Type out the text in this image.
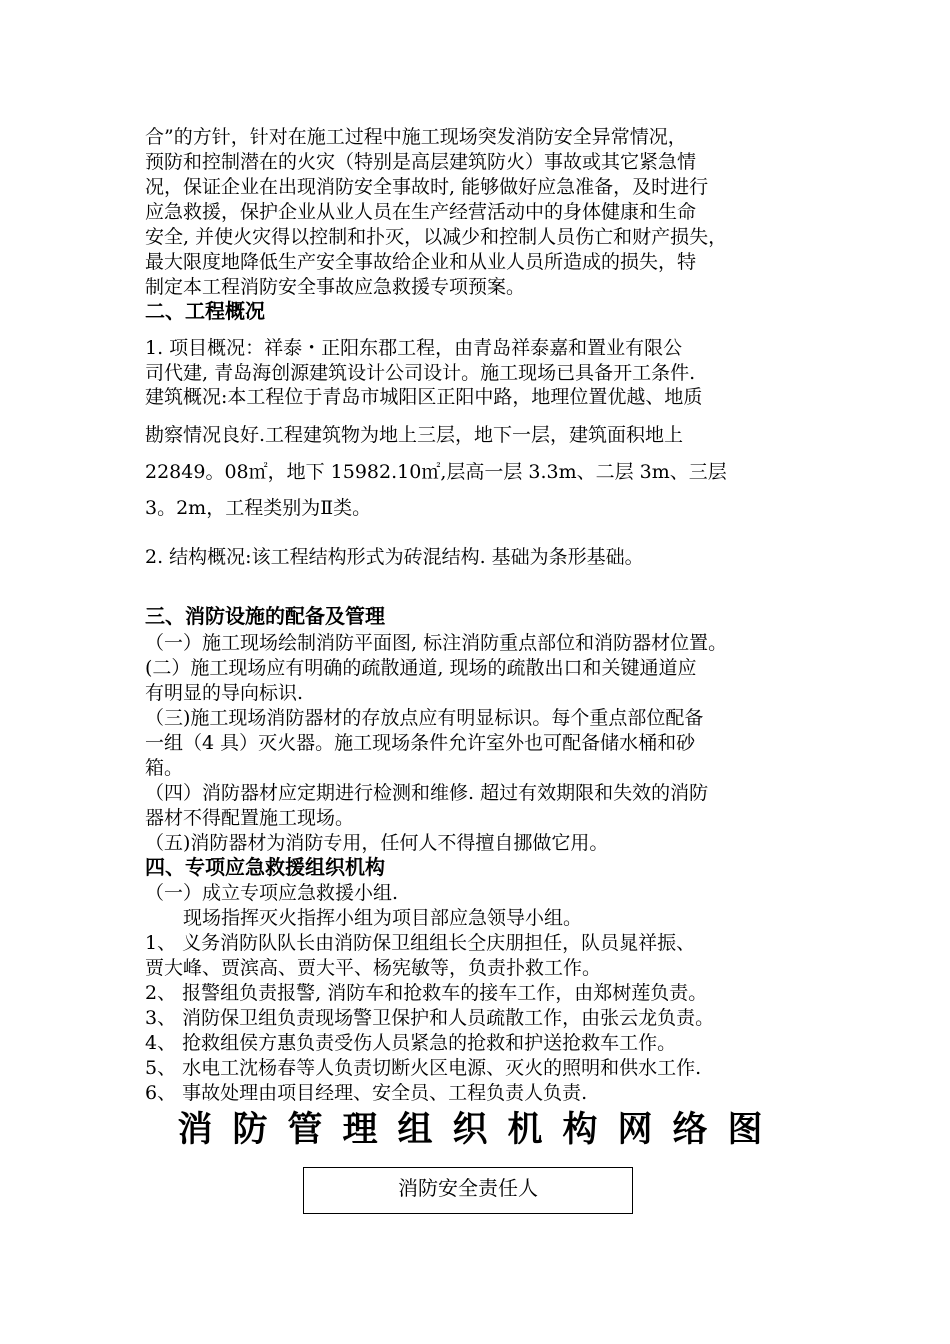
合”的方针，针对在施工过程中施工现场突发消防安全异常情况，
预防和控制潜在的火灾（特别是高层建筑防火）事故或其它紧急情
况，保证企业在出现消防安全事故时, 能够做好应急准备，及时进行
应急救援，保护企业从业人员在生产经营活动中的身体健康和生命
安全, 并使火灾得以控制和扑灭，以减少和控制人员伤亡和财产损失，
最大限度地降低生产安全事故给企业和从业人员所造成的损失，特
制定本工程消防安全事故应急救援专项预案。
二、工程概况
1. 项目概况：祥泰・正阳东郡工程，由青岛祥泰嘉和置业有限公
司代建, 青岛海创源建筑设计公司设计。施工现场已具备开工条件.
建筑概况:本工程位于青岛市城阳区正阳中路，地理位置优越、地质
勘察情况良好.工程建筑物为地上三层，地下一层，建筑面积地上
22849。08㎡，地下 15982.10㎡,层高一层 3.3m、二层 3m、三层
3。2m，工程类别为Ⅱ类。
2. 结构概况:该工程结构形式为砖混结构. 基础为条形基础。
三、消防设施的配备及管理
（一）施工现场绘制消防平面图, 标注消防重点部位和消防器材位置。
(二）施工现场应有明确的疏散通道, 现场的疏散出口和关键通道应
有明显的导向标识.
（三)施工现场消防器材的存放点应有明显标识。每个重点部位配备
一组（4 具）灭火器。施工现场条件允许室外也可配备储水桶和砂
箱。
（四）消防器材应定期进行检测和维修. 超过有效期限和失效的消防
器材不得配置施工现场。
（五)消防器材为消防专用，任何人不得擅自挪做它用。
四、专项应急救援组织机构
（一）成立专项应急救援小组.
　　现场指挥灭火指挥小组为项目部应急领导小组。
1、 义务消防队队长由消防保卫组组长仝庆朋担任，队员晁祥振、
贾大峰、贾滨高、贾大平、杨宪敏等，负责扑救工作。
2、 报警组负责报警, 消防车和抢救车的接车工作，由郑树莲负责。
3、 消防保卫组负责现场警卫保护和人员疏散工作，由张云龙负责。
4、 抢救组侯方惠负责受伤人员紧急的抢救和护送抢救车工作。
5、 水电工沈杨春等人负责切断火区电源、灭火的照明和供水工作.
6、 事故处理由项目经理、安全员、工程负责人负责.
消防管理组织机构网络图
消防安全责任人
